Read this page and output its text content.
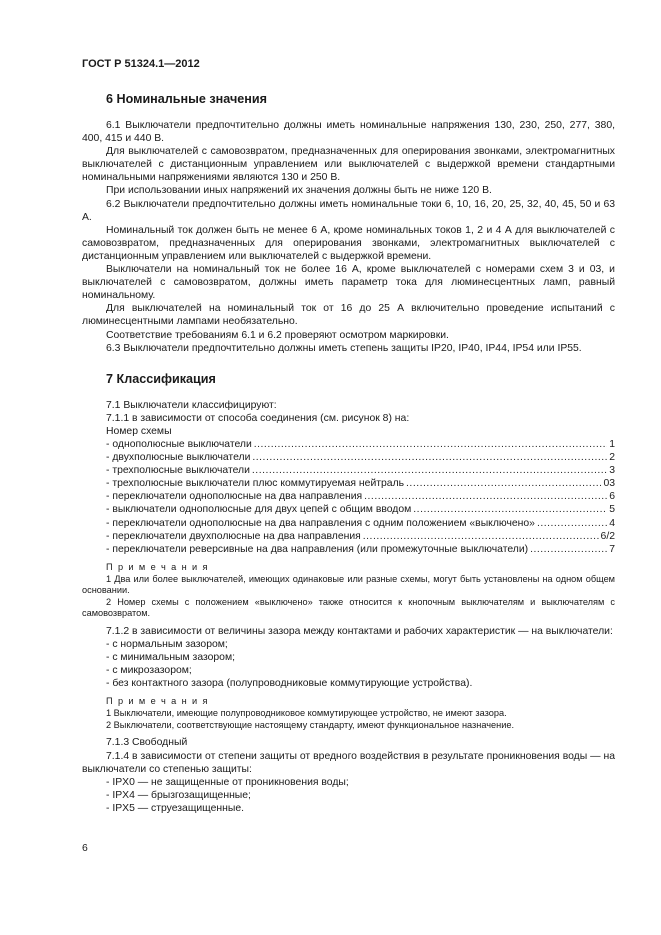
ГОСТ Р 51324.1—2012
6 Номинальные значения

6.1 Выключатели предпочтительно должны иметь номинальные напряжения 130, 230, 250, 277, 380, 400, 415 и 440 В.

Для выключателей с самовозвратом, предназначенных для оперирования звонками, электромагнитных выключателей с дистанционным управлением или выключателей с выдержкой времени стандартными номинальными напряжениями являются 130 и 250 В.

При использовании иных напряжений их значения должны быть не ниже 120 В.

6.2 Выключатели предпочтительно должны иметь номинальные токи 6, 10, 16, 20, 25, 32, 40, 45, 50 и 63 А.

Номинальный ток должен быть не менее 6 А, кроме номинальных токов 1, 2 и 4 А для выключателей с самовозвратом, предназначенных для оперирования звонками, электромагнитных выключателей с дистанционным управлением или выключателей с выдержкой времени.

Выключатели на номинальный ток не более 16 А, кроме выключателей с номерами схем 3 и 03, и выключателей с самовозвратом, должны иметь параметр тока для люминесцентных ламп, равный номинальному.

Для выключателей на номинальный ток от 16 до 25 А включительно проведение испытаний с люминесцентными лампами необязательно.

Соответствие требованиям 6.1 и 6.2 проверяют осмотром маркировки.

6.3 Выключатели предпочтительно должны иметь степень защиты IP20, IP40, IP44, IP54 или IP55.

7 Классификация

7.1 Выключатели классифицируют:

7.1.1 в зависимости от способа соединения (см. рисунок 8) на:

Номер схемы

- однополюсные выключатели .....	1
- двухполюсные выключатели .....	2
- трехполюсные выключатели .....	3
- трехполюсные выключатели плюс коммутируемая нейтраль .....	03
- переключатели однополюсные на два направления .....	6
- выключатели однополюсные для двух цепей с общим вводом .....	5
- переключатели однополюсные на два направления с одним положением «выключено» .....	4
- переключатели двухполюсные на два направления .....	6/2
- переключатели реверсивные на два направления (или промежуточные выключатели) .....	7
П р и м е ч а н и я

1 Два или более выключателей, имеющих одинаковые или разные схемы, могут быть установлены на одном общем основании.

2 Номер схемы с положением «выключено» также относится к кнопочным выключателям и выключателям с самовозвратом.

7.1.2 в зависимости от величины зазора между контактами и рабочих характеристик — на выключатели:

- с нормальным зазором;

- с минимальным зазором;

- с микрозазором;

- без контактного зазора (полупроводниковые коммутирующие устройства).

П р и м е ч а н и я

1 Выключатели, имеющие полупроводниковое коммутирующее устройство, не имеют зазора.

2 Выключатели, соответствующие настоящему стандарту, имеют функциональное назначение.

7.1.3 Свободный

7.1.4 в зависимости от степени защиты от вредного воздействия в результате проникновения воды — на выключатели со степенью защиты:

- IPX0 — не защищенные от проникновения воды;

- IPX4 — брызгозащищенные;

- IPX5 — струезащищенные.

6
